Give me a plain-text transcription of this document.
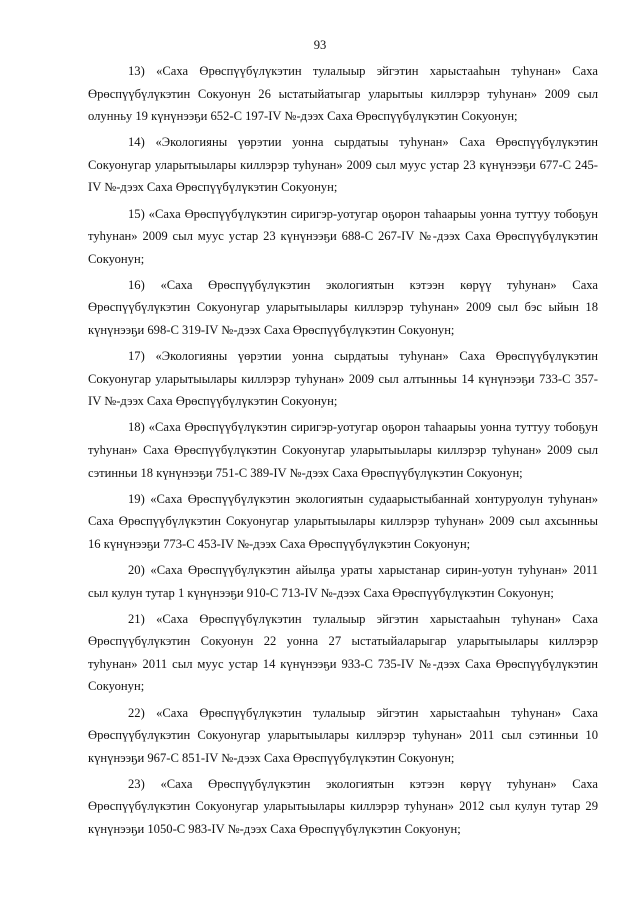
93

13) «Саха Өрөспүүбүлүкэтин тулалыыр эйгэтин харыстааһын туһунан» Саха Өрөспүүбүлүкэтин Сокуонун 26 ыстатыйатыгар уларытыы киллэрэр туһунан» 2009 сыл олунньу 19 күнүнээҕи 652-С 197-IV №-дээх Саха Өрөспүүбүлүкэтин Сокуонун;

14) «Экологияны үөрэтии уонна сырдатыы туһунан» Саха Өрөспүүбүлүкэтин Сокуонугар уларытыылары киллэрэр туһунан» 2009 сыл муус устар 23 күнүнээҕи 677-С 245-IV №-дээх Саха Өрөспүүбүлүкэтин Сокуонун;

15) «Саха Өрөспүүбүлүкэтин сиригэр-уотугар оҕорон таһаарыы уонна туттуу тобоҕун туһунан» 2009 сыл муус устар 23 күнүнээҕи 688-С 267-IV №-дээх Саха Өрөспүүбүлүкэтин Сокуонун;

16) «Саха Өрөспүүбүлүкэтин экологиятын кэтээн көрүү туһунан» Саха Өрөспүүбүлүкэтин Сокуонугар уларытыылары киллэрэр туһунан» 2009 сыл бэс ыйын 18 күнүнээҕи 698-С 319-IV №-дээх Саха Өрөспүүбүлүкэтин Сокуонун;

17) «Экологияны үөрэтии уонна сырдатыы туһунан» Саха Өрөспүүбүлүкэтин Сокуонугар уларытыылары киллэрэр туһунан» 2009 сыл алтынньы 14 күнүнээҕи 733-С 357-IV №-дээх Саха Өрөспүүбүлүкэтин Сокуонун;

18) «Саха Өрөспүүбүлүкэтин сиригэр-уотугар оҕорон таһаарыы уонна туттуу тобоҕун туһунан» Саха Өрөспүүбүлүкэтин Сокуонугар уларытыылары киллэрэр туһунан» 2009 сыл сэтинньи 18 күнүнээҕи 751-С 389-IV №-дээх Саха Өрөспүүбүлүкэтин Сокуонун;

19) «Саха Өрөспүүбүлүкэтин экологиятын судаарыстыбаннай хонтуруолун туһунан» Саха Өрөспүүбүлүкэтин Сокуонугар уларытыылары киллэрэр туһунан» 2009 сыл ахсынньы 16 күнүнээҕи 773-С 453-IV №-дээх Саха Өрөспүүбүлүкэтин Сокуонун;

20) «Саха Өрөспүүбүлүкэтин айылҕа ураты харыстанар сирин-уотун туһунан» 2011 сыл кулун тутар 1 күнүнээҕи 910-С 713-IV №-дээх Саха Өрөспүүбүлүкэтин Сокуонун;

21) «Саха Өрөспүүбүлүкэтин тулалыыр эйгэтин харыстааһын туһунан» Саха Өрөспүүбүлүкэтин Сокуонун 22 уонна 27 ыстатыйаларыгар уларытыылары киллэрэр туһунан» 2011 сыл муус устар 14 күнүнээҕи 933-С 735-IV №-дээх Саха Өрөспүүбүлүкэтин Сокуонун;

22) «Саха Өрөспүүбүлүкэтин тулалыыр эйгэтин харыстааһын туһунан» Саха Өрөспүүбүлүкэтин Сокуонугар уларытыылары киллэрэр туһунан» 2011 сыл сэтинньи 10 күнүнээҕи 967-С 851-IV №-дээх Саха Өрөспүүбүлүкэтин Сокуонун;

23) «Саха Өрөспүүбүлүкэтин экологиятын кэтээн көрүү туһунан» Саха Өрөспүүбүлүкэтин Сокуонугар уларытыылары киллэрэр туһунан» 2012 сыл кулун тутар 29 күнүнээҕи 1050-С 983-IV №-дээх Саха Өрөспүүбүлүкэтин Сокуонун;
